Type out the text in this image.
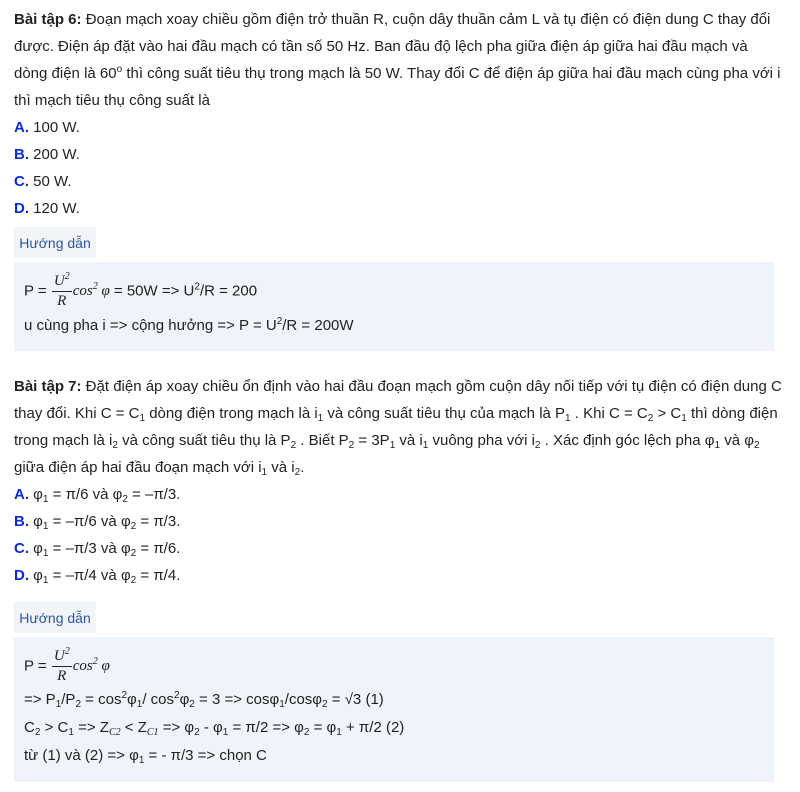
Bài tập 6: Đoạn mạch xoay chiều gồm điện trở thuần R, cuộn dây thuần cảm L và tụ điện có điện dung C thay đổi được. Điện áp đặt vào hai đầu mạch có tần số 50 Hz. Ban đầu độ lệch pha giữa điện áp giữa hai đầu mạch và dòng điện là 60$^o$ thì công suất tiêu thụ trong mạch là 50 W. Thay đổi C để điện áp giữa hai đầu mạch cùng pha với i thì mạch tiêu thụ công suất là
A. 100 W.
B. 200 W.
C. 50 W.
D. 120 W.
Hướng dẫn
$P = \frac{U^2}{R} \cos^2 \varphi = 50W => U^2/R = 200$
u cùng pha i => cộng hưởng => $P = U^2/R = 200W$
Bài tập 7: Đặt điện áp xoay chiều ổn định vào hai đầu đoạn mạch gồm cuộn dây nối tiếp với tụ điện có điện dung C thay đổi. Khi $C = C_1$ dòng điện trong mạch là $i_1$ và công suất tiêu thụ của mạch là $P_1$ . Khi $C = C_2 > C_1$ thì dòng điện trong mạch là $i_2$ và công suất tiêu thụ là $P_2$ . Biết $P_2 = 3P_1$ và $i_1$ vuông pha với $i_2$ . Xác định góc lệch pha $\varphi_1$ và $\varphi_2$ giữa điện áp hai đầu đoạn mạch với $i_1$ và $i_2$.
A. $\varphi_1 = \pi/6$ và $\varphi_2 = -\pi/3$.
B. $\varphi_1 = -\pi/6$ và $\varphi_2 = \pi/3$.
C. $\varphi_1 = -\pi/3$ và $\varphi_2 = \pi/6$.
D. $\varphi_1 = -\pi/4$ và $\varphi_2 = \pi/4$.
Hướng dẫn
$P = \frac{U^2}{R} \cos^2 \varphi$
=> $P_1/P_2 = \cos^2\varphi_1/$ $\cos^2\varphi_2 = 3 => \cos\varphi_1/\cos\varphi_2 = √3$ (1)
$C_2 > C_1 => Z_{C2} < Z_{C1} => \varphi_2 - \varphi_1 = \pi/2 => \varphi_2 = \varphi_1 + \pi/2$ (2)
từ (1) và $(2) => \varphi_1$ = - π/3 => chọn C
